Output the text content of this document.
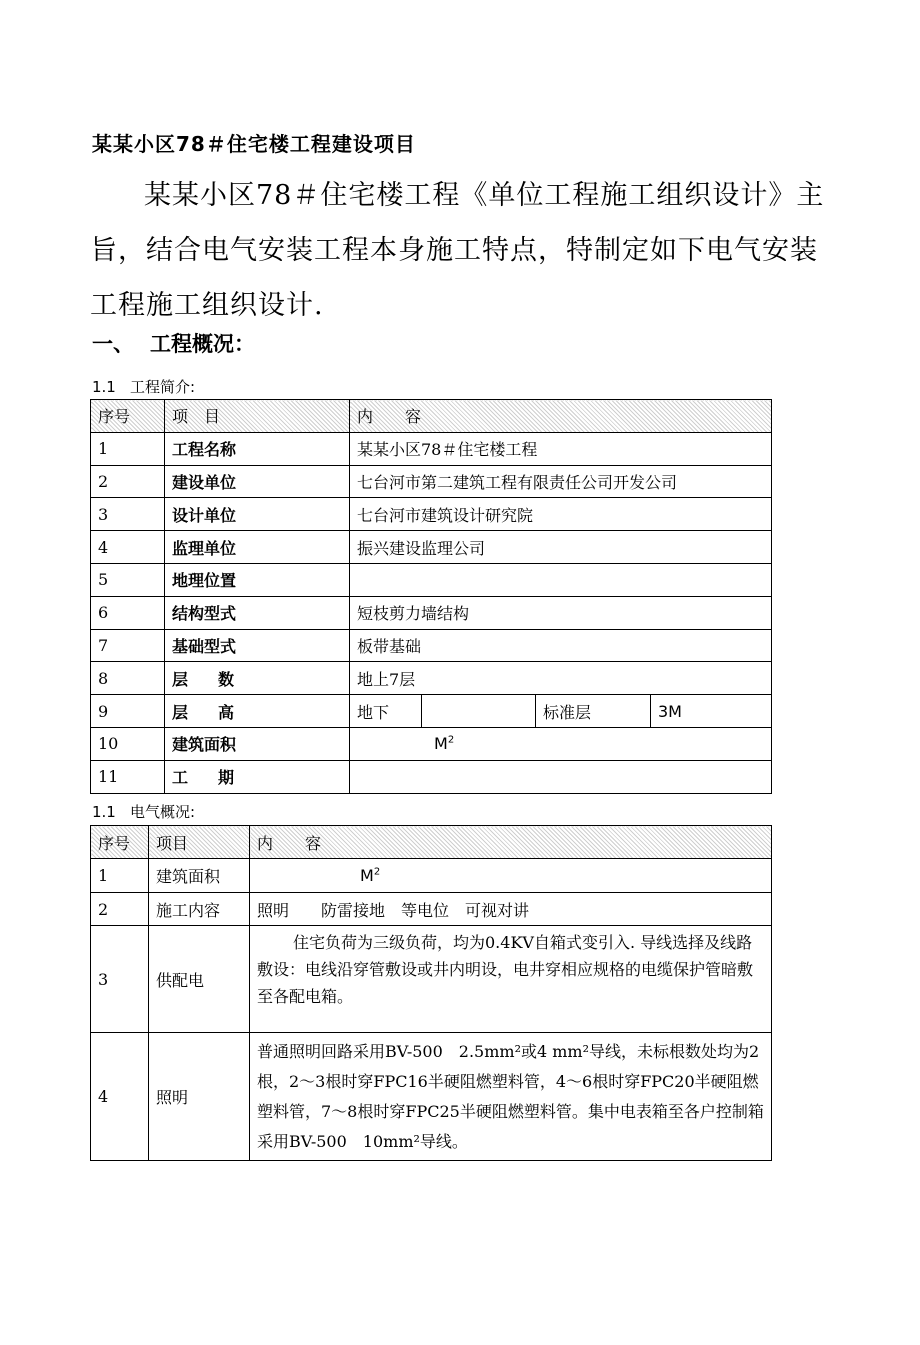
某某小区78＃住宅楼工程建设项目

某某小区78＃住宅楼工程《单位工程施工组织设计》主旨，结合电气安装工程本身施工特点，特制定如下电气安装工程施工组织设计.

一、 工程概况：
1.1 工程简介:
序号	项　目	内　　容			
1	工程名称	某某小区78＃住宅楼工程			
2	建设单位	七台河市第二建筑工程有限责任公司开发公司			
3	设计单位	七台河市建筑设计研究院			
4	监理单位	振兴建设监理公司			
5	地理位置				
6	结构型式	短枝剪力墙结构			
7	基础型式	板带基础			
8	层数	地上7层			
9	层高	地下		标准层	3M
10	建筑面积	$M^2$
11	工期				
1.1 电气概况:
序号	项目	内　　容
1	建筑面积	$M^2$
2	施工内容	照明　　防雷接地　等电位　可视对讲
3	供配电	住宅负荷为三级负荷，均为0.4KV自箱式变引入. 导线选择及线路敷设：电线沿穿管敷设或井内明设，电井穿相应规格的电缆保护管暗敷至各配电箱。
4	照明	普通照明回路采用BV-500　2.5mm²或4 mm²导线，未标根数处均为2根，2～3根时穿FPC16半硬阻燃塑料管，4～6根时穿FPC20半硬阻燃塑料管，7～8根时穿FPC25半硬阻燃塑料管。集中电表箱至各户控制箱采用BV-500　10mm²导线。
